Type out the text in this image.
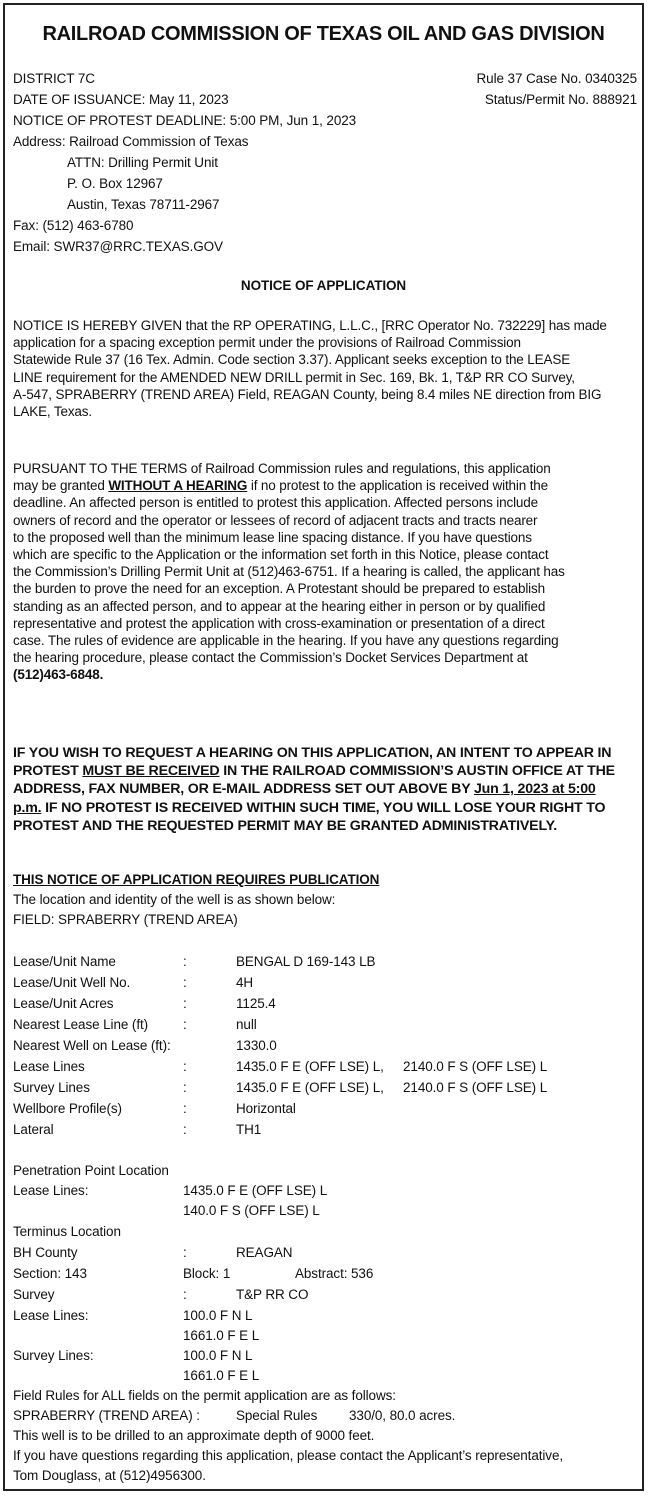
RAILROAD COMMISSION OF TEXAS OIL AND GAS DIVISION
DISTRICT 7C
DATE OF ISSUANCE: May 11, 2023
NOTICE OF PROTEST DEADLINE: 5:00 PM, Jun 1, 2023
Address: Railroad Commission of Texas
ATTN: Drilling Permit Unit
P. O. Box 12967
Austin, Texas 78711-2967
Fax: (512) 463-6780
Email: SWR37@RRC.TEXAS.GOV
Rule 37 Case No. 0340325
Status/Permit No. 888921
NOTICE OF APPLICATION
NOTICE IS HEREBY GIVEN that the RP OPERATING, L.L.C., [RRC Operator No. 732229] has made
application for a spacing exception permit under the provisions of Railroad Commission
Statewide Rule 37 (16 Tex. Admin. Code section 3.37). Applicant seeks exception to the LEASE
LINE requirement for the AMENDED NEW DRILL permit in Sec. 169, Bk. 1, T&P RR CO Survey,
A-547, SPRABERRY (TREND AREA) Field, REAGAN County, being 8.4 miles NE direction from BIG
LAKE, Texas.
PURSUANT TO THE TERMS of Railroad Commission rules and regulations, this application
may be granted WITHOUT A HEARING if no protest to the application is received within the
deadline. An affected person is entitled to protest this application. Affected persons include
owners of record and the operator or lessees of record of adjacent tracts and tracts nearer
to the proposed well than the minimum lease line spacing distance. If you have questions
which are specific to the Application or the information set forth in this Notice, please contact
the Commission’s Drilling Permit Unit at (512)463-6751. If a hearing is called, the applicant has
the burden to prove the need for an exception. A Protestant should be prepared to establish
standing as an affected person, and to appear at the hearing either in person or by qualified
representative and protest the application with cross-examination or presentation of a direct
case. The rules of evidence are applicable in the hearing. If you have any questions regarding
the hearing procedure, please contact the Commission’s Docket Services Department at
(512)463-6848.
IF YOU WISH TO REQUEST A HEARING ON THIS APPLICATION, AN INTENT TO APPEAR IN
PROTEST MUST BE RECEIVED IN THE RAILROAD COMMISSION’S AUSTIN OFFICE AT THE
ADDRESS, FAX NUMBER, OR E-MAIL ADDRESS SET OUT ABOVE BY Jun 1, 2023 at 5:00
p.m. IF NO PROTEST IS RECEIVED WITHIN SUCH TIME, YOU WILL LOSE YOUR RIGHT TO
PROTEST AND THE REQUESTED PERMIT MAY BE GRANTED ADMINISTRATIVELY.
THIS NOTICE OF APPLICATION REQUIRES PUBLICATION
The location and identity of the well is as shown below:
FIELD: SPRABERRY (TREND AREA)
Lease/Unit Name	:	BENGAL D 169-143 LB
Lease/Unit Well No.	:	4H
Lease/Unit Acres	:	1125.4
Nearest Lease Line (ft)	:	null
Nearest Well on Lease (ft):	1330.0
Lease Lines	:	1435.0 F E (OFF LSE) L, 2140.0 F S (OFF LSE) L
Survey Lines	:	1435.0 F E (OFF LSE) L, 2140.0 F S (OFF LSE) L
Wellbore Profile(s)	:	Horizontal
Lateral	:	TH1
Penetration Point Location
Lease Lines:	1435.0 F E (OFF LSE) L
140.0 F S (OFF LSE) L
Terminus Location
BH County	:	REAGAN
Section: 143	Block: 1	Abstract: 536
Survey	:	T&P RR CO
Lease Lines:	100.0 F N L
1661.0 F E L
Survey Lines:	100.0 F N L
1661.0 F E L
Field Rules for ALL fields on the permit application are as follows:
SPRABERRY (TREND AREA) :	Special Rules 330/0, 80.0 acres.
This well is to be drilled to an approximate depth of 9000 feet.
If you have questions regarding this application, please contact the Applicant’s representative,
Tom Douglass, at (512)4956300.
